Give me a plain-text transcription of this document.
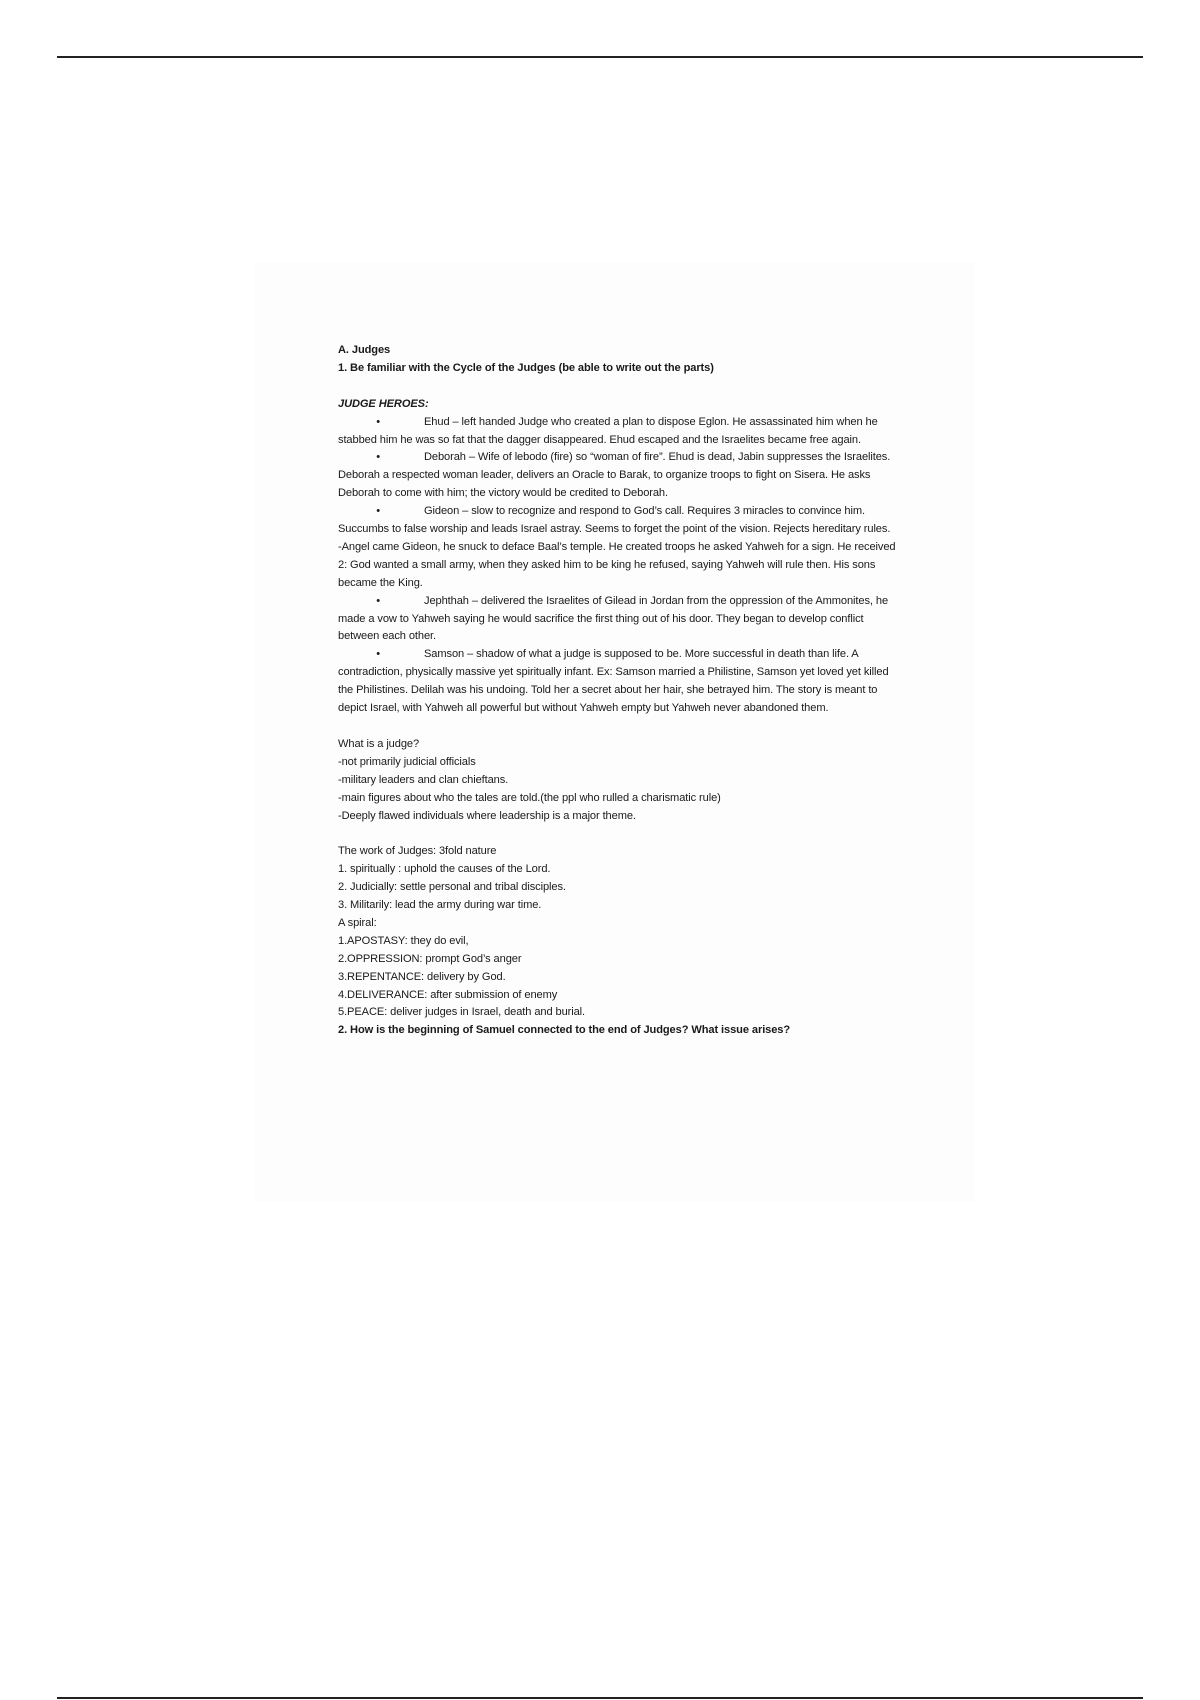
A. Judges

1. Be familiar with the Cycle of the Judges (be able to write out the parts)

JUDGE HEROES:

•	Ehud – left handed Judge who created a plan to dispose Eglon. He assassinated him when he stabbed him he was so fat that the dagger disappeared. Ehud escaped and the Israelites became free again.

•	Deborah – Wife of lebodo (fire) so “woman of fire”. Ehud is dead, Jabin suppresses the Israelites. Deborah a respected woman leader, delivers an Oracle to Barak, to organize troops to fight on Sisera. He asks Deborah to come with him; the victory would be credited to Deborah.

•	Gideon – slow to recognize and respond to God’s call. Requires 3 miracles to convince him. Succumbs to false worship and leads Israel astray. Seems to forget the point of the vision. Rejects hereditary rules.

-Angel came Gideon, he snuck to deface Baal’s temple. He created troops he asked Yahweh for a sign. He received 2: God wanted a small army, when they asked him to be king he refused, saying Yahweh will rule then. His sons became the King.

•	Jephthah – delivered the Israelites of Gilead in Jordan from the oppression of the Ammonites, he made a vow to Yahweh saying he would sacrifice the first thing out of his door. They began to develop conflict between each other.

•	Samson – shadow of what a judge is supposed to be. More successful in death than life. A contradiction, physically massive yet spiritually infant. Ex: Samson married a Philistine, Samson yet loved yet killed the Philistines. Delilah was his undoing. Told her a secret about her hair, she betrayed him. The story is meant to depict Israel, with Yahweh all powerful but without Yahweh empty but Yahweh never abandoned them.

What is a judge?

-not primarily judicial officials

-military leaders and clan chieftans.

-main figures about who the tales are told.(the ppl who rulled a charismatic rule)

-Deeply flawed individuals where leadership is a major theme.

The work of Judges: 3fold nature

1. spiritually : uphold the causes of the Lord.

2. Judicially: settle personal and tribal disciples.

3. Militarily: lead the army during war time.

A spiral:

1.APOSTASY: they do evil,

2.OPPRESSION: prompt God’s anger

3.REPENTANCE: delivery by God.

4.DELIVERANCE: after submission of enemy

5.PEACE: deliver judges in Israel, death and burial.

2. How is the beginning of Samuel connected to the end of Judges? What issue arises?
